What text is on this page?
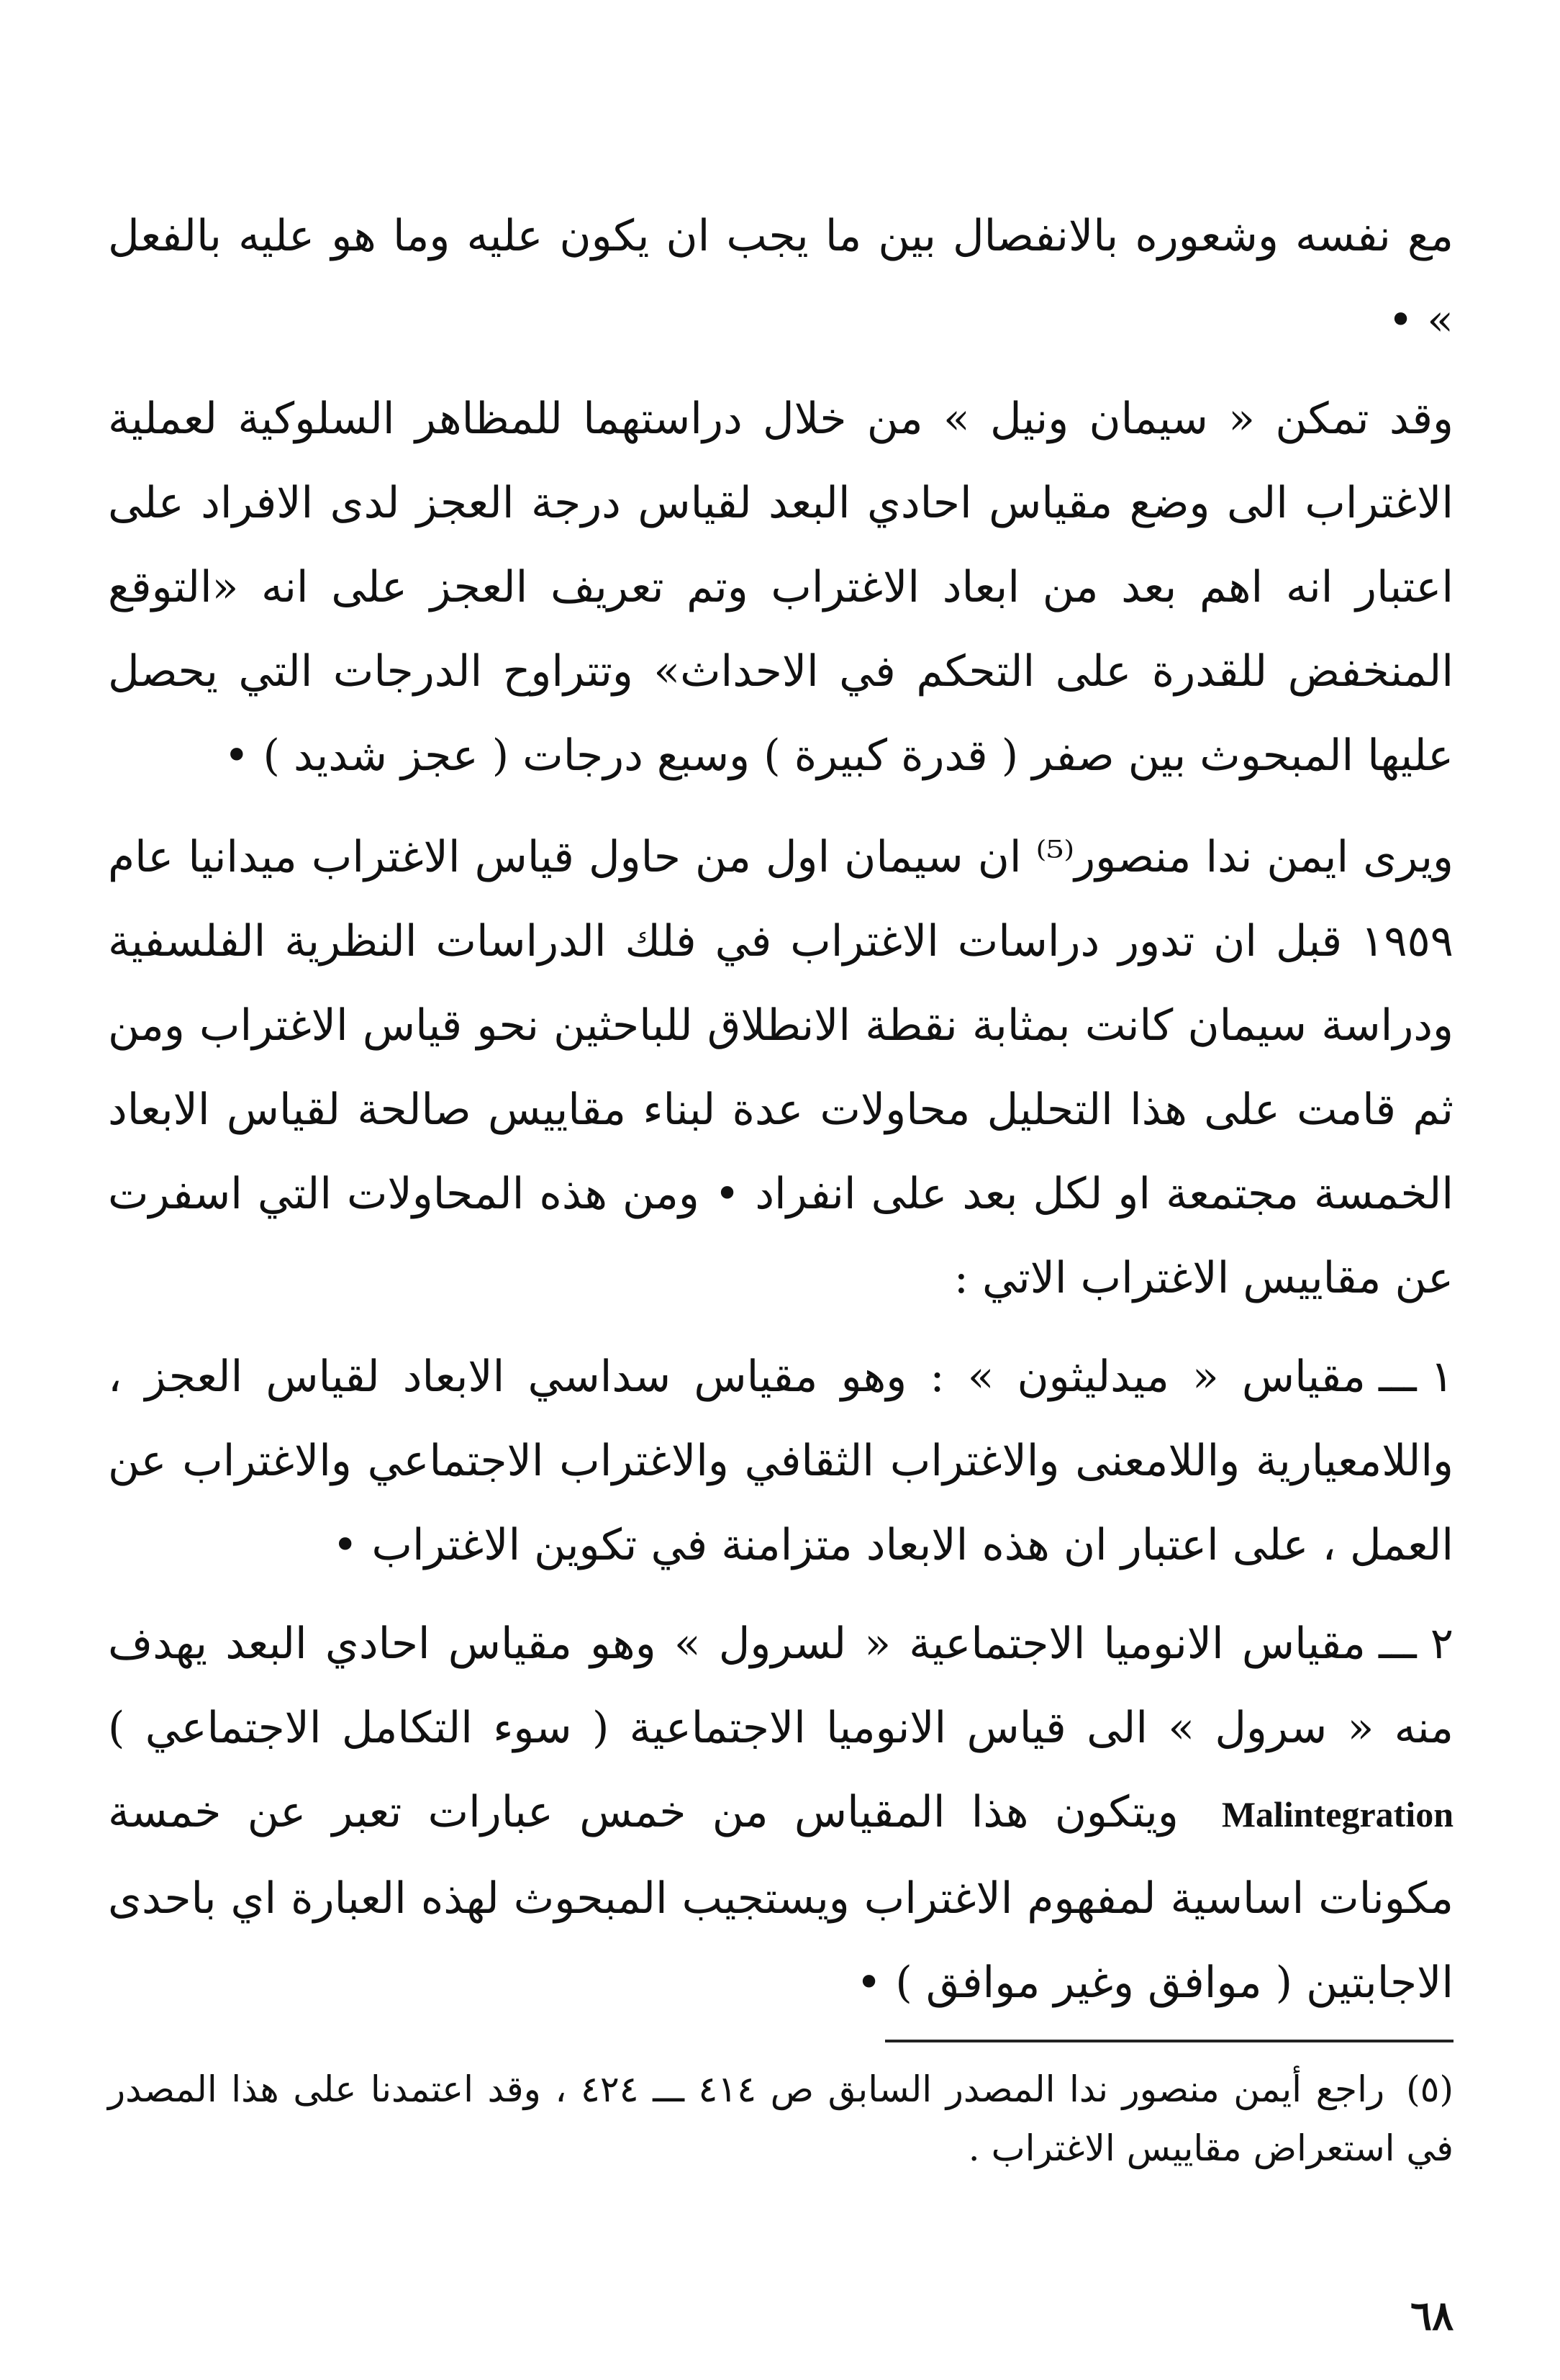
مع نفسه وشعوره بالانفصال بين ما يجب ان يكون عليه وما هو عليه بالفعل » •

وقد تمكن « سيمان ونيل » من خلال دراستهما للمظاهر السلوكية لعملية الاغتراب الى وضع مقياس احادي البعد لقياس درجة العجز لدى الافراد على اعتبار انه اهم بعد من ابعاد الاغتراب وتم تعريف العجز على انه «التوقع المنخفض للقدرة على التحكم في الاحداث» وتتراوح الدرجات التي يحصل عليها المبحوث بين صفر ( قدرة كبيرة ) وسبع درجات ( عجز شديد ) •

ويرى ايمن ندا منصور⁽⁵⁾ ان سيمان اول من حاول قياس الاغتراب ميدانيا عام ١٩٥٩ قبل ان تدور دراسات الاغتراب في فلك الدراسات النظرية الفلسفية ودراسة سيمان كانت بمثابة نقطة الانطلاق للباحثين نحو قياس الاغتراب ومن ثم قامت على هذا التحليل محاولات عدة لبناء مقاييس صالحة لقياس الابعاد الخمسة مجتمعة او لكل بعد على انفراد • ومن هذه المحاولات التي اسفرت عن مقاييس الاغتراب الاتي :

١ ـــمقياس « ميدليثون » : وهو مقياس سداسي الابعاد لقياس العجز ، واللامعيارية واللامعنى والاغتراب الثقافي والاغتراب الاجتماعي والاغتراب عن العمل ، على اعتبار ان هذه الابعاد متزامنة في تكوين الاغتراب •

٢ ـــمقياس الانوميا الاجتماعية « لسرول » وهو مقياس احادي البعد يهدف منه « سرول » الى قياس الانوميا الاجتماعية ( سوء التكامل الاجتماعي ) Malintegrationويتكون هذا المقياس من خمس عبارات تعبر عن خمسة مكونات اساسية لمفهوم الاغتراب ويستجيب المبحوث لهذه العبارة اي باحدى الاجابتين ( موافق وغير موافق ) •

(٥)راجع أيمن منصور ندا المصدر السابق ص ٤١٤ ـــ ٤٢٤ ، وقد اعتمدنا على هذا المصدر في استعراض مقاييس الاغتراب .

٦٨
